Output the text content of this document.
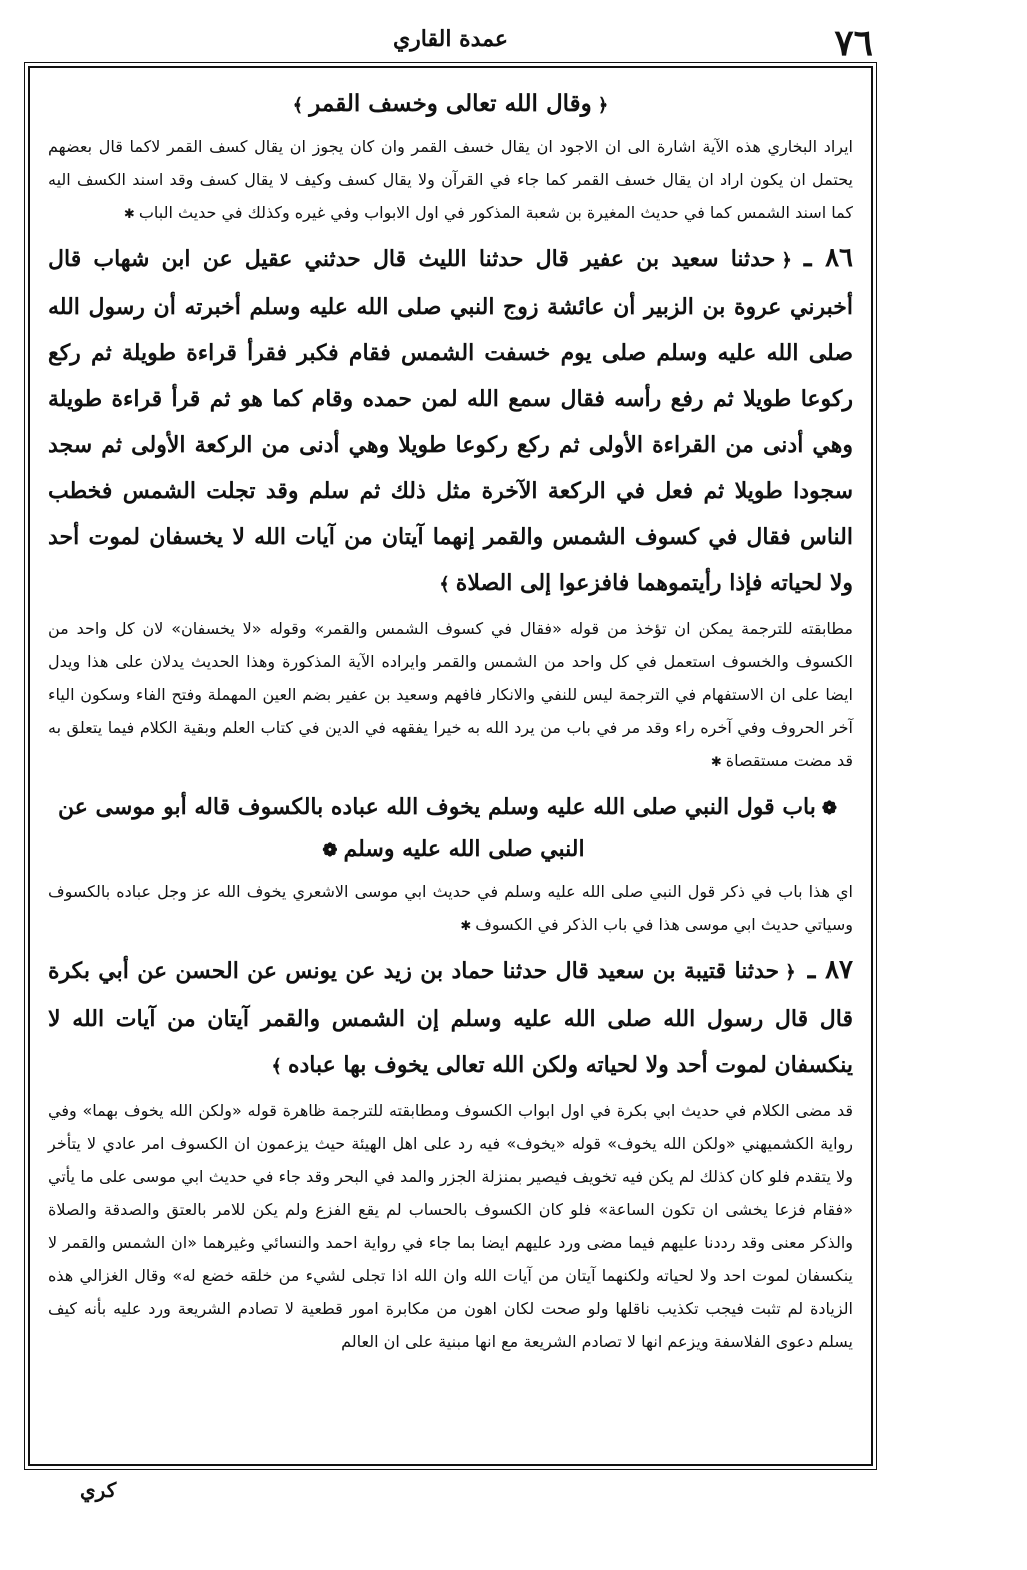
٧٦
عمدة القاري
﴿وقال الله تعالى وخسف القمر﴾

ايراد البخاري هذه الآية اشارة الى ان الاجود ان يقال خسف القمر وان كان يجوز ان يقال كسف القمر لاكما قال بعضهم يحتمل ان يكون اراد ان يقال خسف القمر كما جاء في القرآن ولا يقال كسف وكيف لا يقال كسف وقد اسند الكسف اليه كما اسند الشمس كما في حديث المغيرة بن شعبة المذكور في اول الابواب وفي غيره وكذلك في حديث الباب✱

٨٦ ـ﴿حدثنا سعيد بن عفير قال حدثنا الليث قال حدثني عقيل عن ابن شهاب قال أخبرني عروة بن الزبير أن عائشة زوج النبي صلى الله عليه وسلم أخبرته أن رسول الله صلى الله عليه وسلم صلى يوم خسفت الشمس فقام فكبر فقرأ قراءة طويلة ثم ركع ركوعا طويلا ثم رفع رأسه فقال سمع الله لمن حمده وقام كما هو ثم قرأ قراءة طويلة وهي أدنى من القراءة الأولى ثم ركع ركوعا طويلا وهي أدنى من الركعة الأولى ثم سجد سجودا طويلا ثم فعل في الركعة الآخرة مثل ذلك ثم سلم وقد تجلت الشمس فخطب الناس فقال في كسوف الشمس والقمر إنهما آيتان من آيات الله لا يخسفان لموت أحد ولا لحياته فإذا رأيتموهما فافزعوا إلى الصلاة﴾

مطابقته للترجمة يمكن ان تؤخذ من قوله «فقال في كسوف الشمس والقمر» وقوله «لا يخسفان» لان كل واحد من الكسوف والخسوف استعمل في كل واحد من الشمس والقمر وايراده الآية المذكورة وهذا الحديث يدلان على هذا ويدل ايضا على ان الاستفهام في الترجمة ليس للنفي والانكار فافهم وسعيد بن عفير بضم العين المهملة وفتح الفاء وسكون الياء آخر الحروف وفي آخره راء وقد مر في باب من يرد الله به خيرا يفقهه في الدين في كتاب العلم وبقية الكلام فيما يتعلق به قد مضت مستقصاة✱

❁باب قول النبي صلى الله عليه وسلم يخوف الله عباده بالكسوف قاله أبو موسى عن النبي صلى الله عليه وسلم❁

اي هذا باب في ذكر قول النبي صلى الله عليه وسلم في حديث ابي موسى الاشعري يخوف الله عز وجل عباده بالكسوف وسياتي حديث ابي موسى هذا في باب الذكر في الكسوف✱

٨٧ ـ﴿حدثنا قتيبة بن سعيد قال حدثنا حماد بن زيد عن يونس عن الحسن عن أبي بكرة قال قال رسول الله صلى الله عليه وسلم إن الشمس والقمر آيتان من آيات الله لا ينكسفان لموت أحد ولا لحياته ولكن الله تعالى يخوف بها عباده﴾

قد مضى الكلام في حديث ابي بكرة في اول ابواب الكسوف ومطابقته للترجمة ظاهرة قوله «ولكن الله يخوف بهما» وفي رواية الكشميهني «ولكن الله يخوف» قوله «يخوف» فيه رد على اهل الهيئة حيث يزعمون ان الكسوف امر عادي لا يتأخر ولا يتقدم فلو كان كذلك لم يكن فيه تخويف فيصير بمنزلة الجزر والمد في البحر وقد جاء في حديث ابي موسى على ما يأتي «فقام فزعا يخشى ان تكون الساعة» فلو كان الكسوف بالحساب لم يقع الفزع ولم يكن للامر بالعتق والصدقة والصلاة والذكر معنى وقد رددنا عليهم فيما مضى ورد عليهم ايضا بما جاء في رواية احمد والنسائي وغيرهما «ان الشمس والقمر لا ينكسفان لموت احد ولا لحياته ولكنهما آيتان من آيات الله وان الله اذا تجلى لشيء من خلقه خضع له» وقال الغزالي هذه الزيادة لم تثبت فيجب تكذيب ناقلها ولو صحت لكان اهون من مكابرة امور قطعية لا تصادم الشريعة ورد عليه بأنه كيف يسلم دعوى الفلاسفة ويزعم انها لا تصادم الشريعة مع انها مبنية على ان العالم

كري
